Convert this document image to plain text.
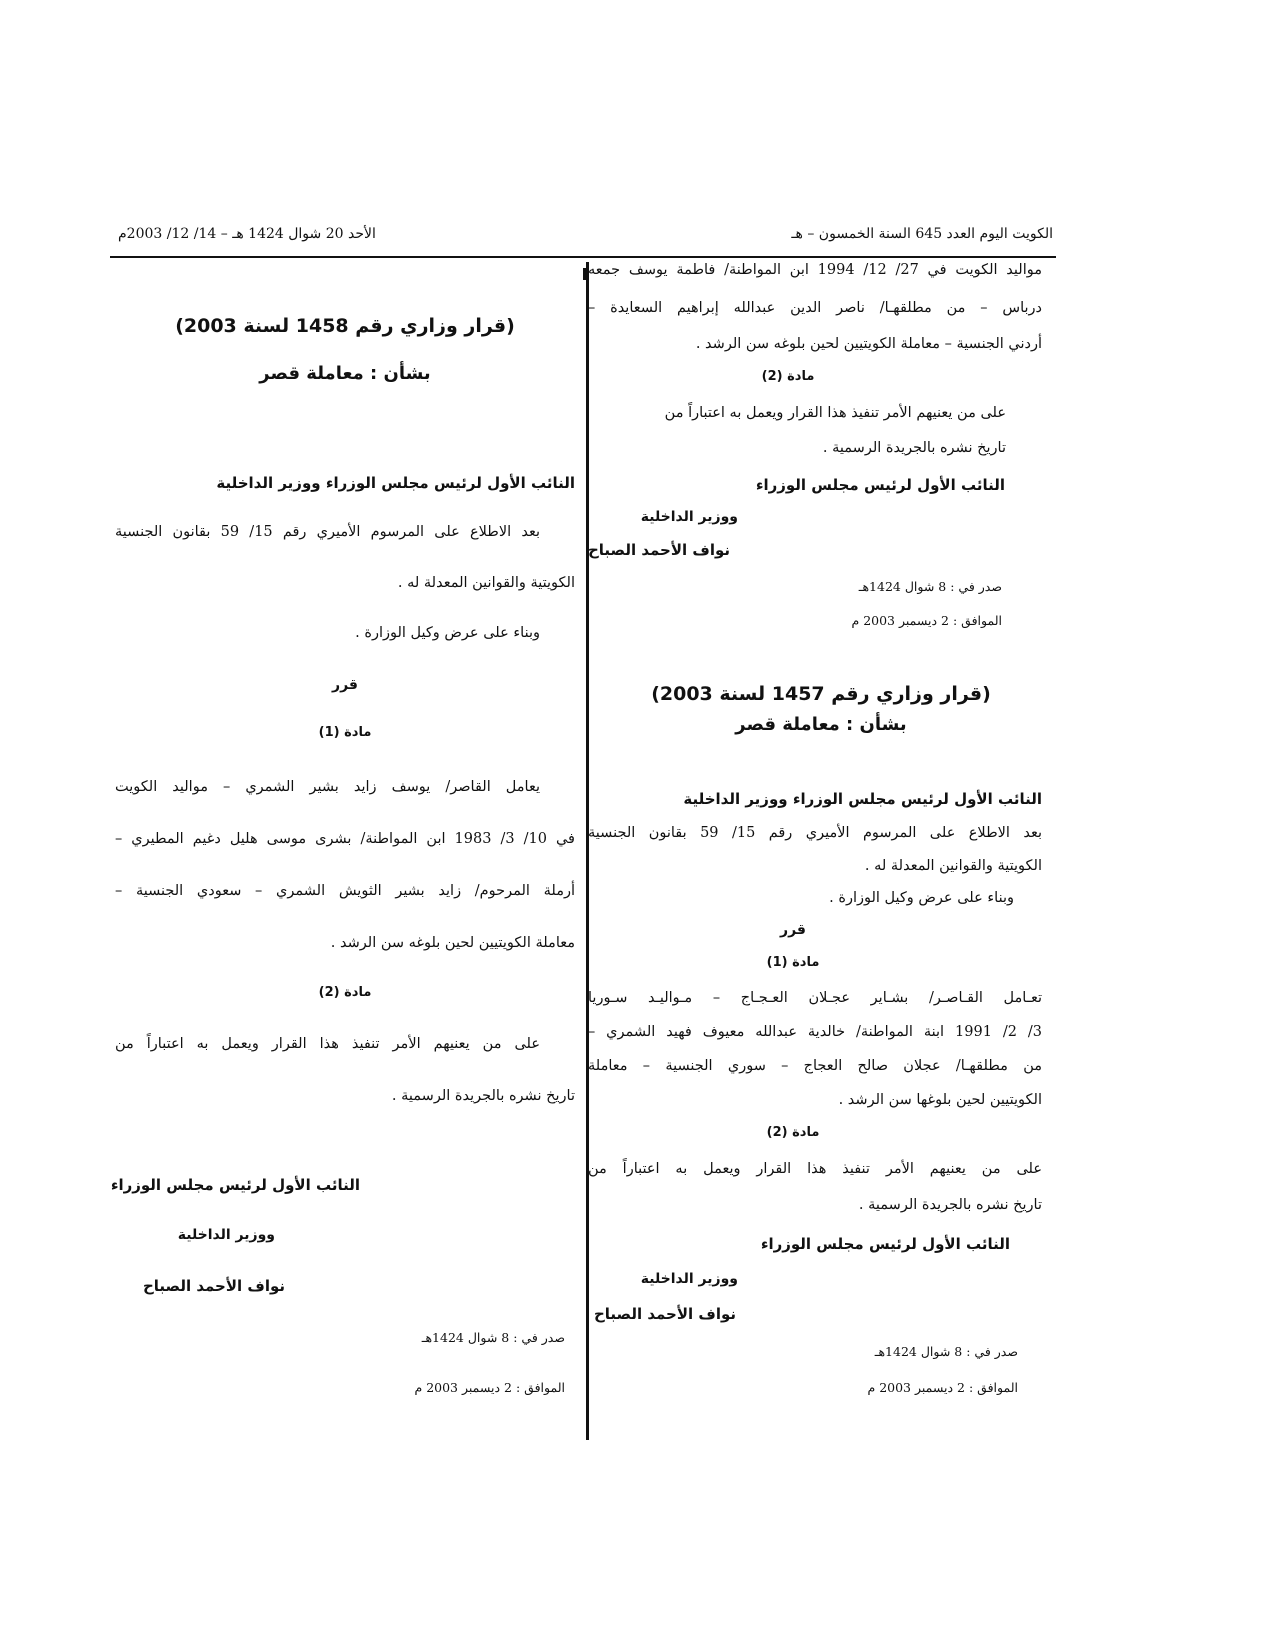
الكويت اليوم العدد 645 السنة الخمسون – هـ
الأحد 20 شوال 1424 هـ – 14/ 12/ 2003م
مواليد الكويت في 27/ 12/ 1994 ابن المواطنة/ فاطمة يوسف جمعه
درباس – من مطلقهـا/ ناصر الدين عبدالله إبراهيم السعايدة –
أردني الجنسية – معاملة الكويتيين لحين بلوغه سن الرشد .
مادة (2)
على من يعنيهم الأمر تنفيذ هذا القرار ويعمل به اعتباراً من
تاريخ نشره بالجريدة الرسمية .
النائب الأول لرئيس مجلس الوزراء
ووزير الداخلية
نواف الأحمد الصباح
صدر في : 8 شوال 1424هـ
الموافق : 2 ديسمبر 2003 م
(قرار وزاري رقم 1457 لسنة 2003)
بشأن : معاملة قصر
النائب الأول لرئيس مجلس الوزراء ووزير الداخلية
بعد الاطلاع على المرسوم الأميري رقم 15/ 59 بقانون الجنسية
الكويتية والقوانين المعدلة له .
وبناء على عرض وكيل الوزارة .
قرر
مادة (1)
تعـامل القـاصـر/ بشـاير عجـلان العـجـاج – مـواليـد سـوريا
3/ 2/ 1991 ابنة المواطنة/ خالدية عبدالله معيوف فهيد الشمري –
من مطلقهـا/ عجلان صالح العجاج – سوري الجنسية – معاملة
الكويتيين لحين بلوغها سن الرشد .
مادة (2)
على من يعنيهم الأمر تنفيذ هذا القرار ويعمل به اعتباراً من
تاريخ نشره بالجريدة الرسمية .
النائب الأول لرئيس مجلس الوزراء
ووزير الداخلية
نواف الأحمد الصباح
صدر في : 8 شوال 1424هـ
الموافق : 2 ديسمبر 2003 م
(قرار وزاري رقم 1458 لسنة 2003)
بشأن : معاملة قصر
النائب الأول لرئيس مجلس الوزراء ووزير الداخلية
بعد الاطلاع على المرسوم الأميري رقم 15/ 59 بقانون الجنسية
الكويتية والقوانين المعدلة له .
وبناء على عرض وكيل الوزارة .
قرر
مادة (1)
يعامل القاصر/ يوسف زايد بشير الشمري – مواليد الكويت
في 10/ 3/ 1983 ابن المواطنة/ بشرى موسى هليل دغيم المطيري –
أرملة المرحوم/ زايد بشير الثويش الشمري – سعودي الجنسية –
معاملة الكويتيين لحين بلوغه سن الرشد .
مادة (2)
على من يعنيهم الأمر تنفيذ هذا القرار ويعمل به اعتباراً من
تاريخ نشره بالجريدة الرسمية .
النائب الأول لرئيس مجلس الوزراء
ووزير الداخلية
نواف الأحمد الصباح
صدر في : 8 شوال 1424هـ
الموافق : 2 ديسمبر 2003 م
